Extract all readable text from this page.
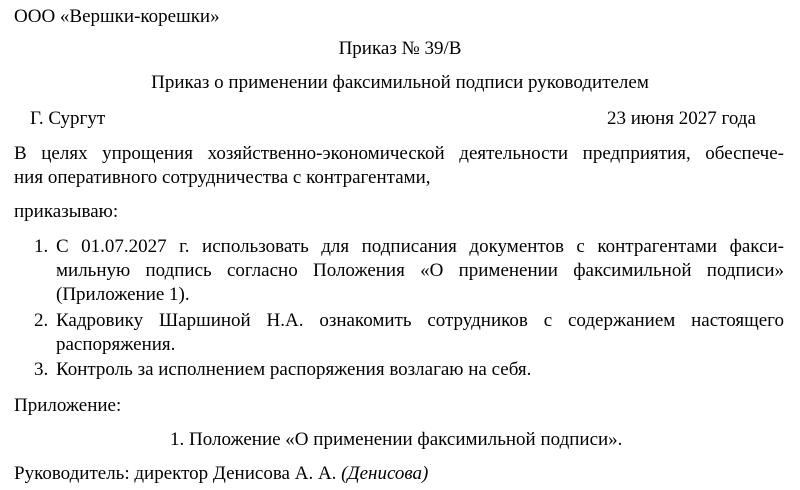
ООО «Вершки-корешки»
Приказ № 39/В
Приказ о применении факсимильной подписи руководителем
Г. Сургут	23 июня 2027 года
В целях упрощения хозяйственно-экономической деятельности предприятия, обеспече-
ния оперативного сотрудничества с контрагентами,
приказываю:
1. С 01.07.2027 г. использовать для подписания документов с контрагентами факси-
мильную подпись согласно Положения «О применении факсимильной подписи»
(Приложение 1).
2. Кадровику Шаршиной Н.А. ознакомить сотрудников с содержанием настоящего
распоряжения.
3. Контроль за исполнением распоряжения возлагаю на себя.
Приложение:
1. Положение «О применении факсимильной подписи».
Руководитель: директор Денисова А. А. (Денисова)
